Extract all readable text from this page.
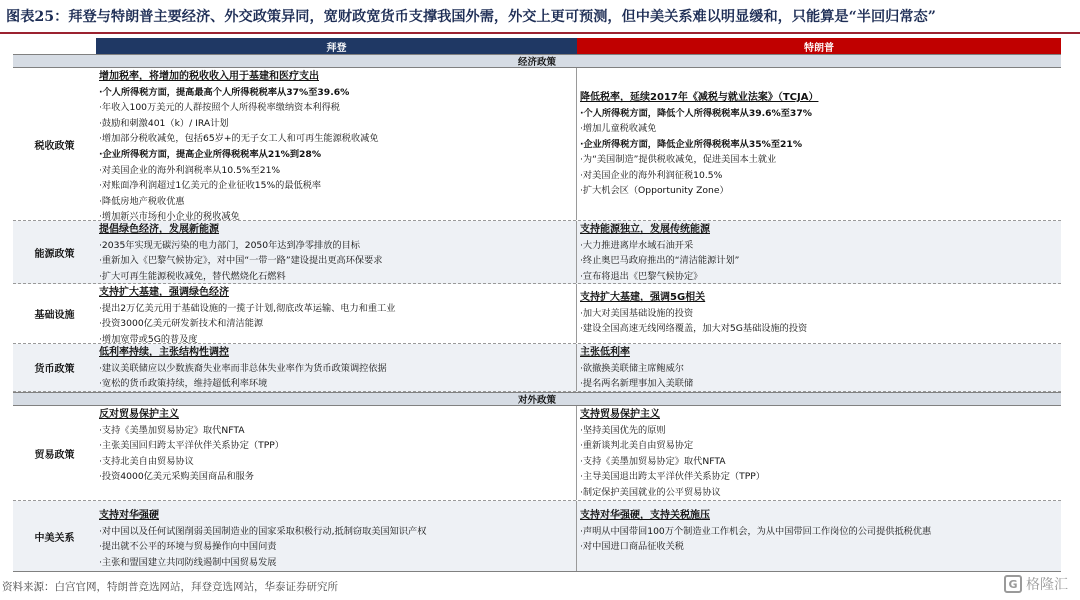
图表25：拜登与特朗普主要经济、外交政策异同，宽财政宽货币支撑我国外需，外交上更可预测，但中美关系难以明显缓和，只能算是“半回归常态”
拜登	特朗普
经济政策
税收政策
增加税率，将增加的税收收入用于基建和医疗支出
·个人所得税方面，提高最高个人所得税税率从37%至39.6%
·年收入100万美元的人群按照个人所得税率缴纳资本利得税
·鼓励和刺激401（k）/ IRA计划
·增加部分税收减免，包括65岁+的无子女工人和可再生能源税收减免
·企业所得税方面，提高企业所得税税率从21%到28%
·对美国企业的海外利润税率从10.5%至21%
·对账面净利润超过1亿美元的企业征收15%的最低税率
·降低房地产税收优惠
·增加新兴市场和小企业的税收减免
降低税率，延续2017年《减税与就业法案》（TCJA）
·个人所得税方面，降低个人所得税税率从39.6%至37%
·增加儿童税收减免
·企业所得税方面，降低企业所得税税率从35%至21%
·为“美国制造”提供税收减免，促进美国本土就业
·对美国企业的海外利润征税10.5%
·扩大机会区（Opportunity Zone）
能源政策
提倡绿色经济，发展新能源
·2035年实现无碳污染的电力部门，2050年达到净零排放的目标
·重新加入《巴黎气候协定》，对中国“一带一路”建设提出更高环保要求
·扩大可再生能源税收减免，替代燃烧化石燃料
支持能源独立，发展传统能源
·大力推进离岸水域石油开采
·终止奥巴马政府推出的“清洁能源计划”
·宣布将退出《巴黎气候协定》
基础设施
支持扩大基建，强调绿色经济
·提出2万亿美元用于基础设施的一揽子计划,彻底改革运输、电力和重工业
·投资3000亿美元研发新技术和清洁能源
·增加宽带或5G的普及度
支持扩大基建，强调5G相关
·加大对美国基础设施的投资
·建设全国高速无线网络覆盖，加大对5G基础设施的投资
货币政策
低利率持续，主张结构性调控
·建议美联储应以少数族裔失业率而非总体失业率作为货币政策调控依据
·宽松的货币政策持续，维持超低利率环境
主张低利率
·欲撤换美联储主席鲍威尔
·提名两名新理事加入美联储
对外政策
贸易政策
反对贸易保护主义
·支持《美墨加贸易协定》取代NFTA
·主张美国回归跨太平洋伙伴关系协定（TPP）
·支持北美自由贸易协议
·投资4000亿美元采购美国商品和服务
支持贸易保护主义
·坚持美国优先的原则
·重新谈判北美自由贸易协定
·支持《美墨加贸易协定》取代NFTA
·主导美国退出跨太平洋伙伴关系协定（TPP）
·制定保护美国就业的公平贸易协议
中美关系
支持对华强硬
·对中国以及任何试图削弱美国制造业的国家采取积极行动,抵制窃取美国知识产权
·提出就不公平的环境与贸易操作向中国问责
·主张和盟国建立共同防线遏制中国贸易发展
支持对华强硬，支持关税施压
·声明从中国带回100万个制造业工作机会，为从中国带回工作岗位的公司提供抵税优惠
·对中国进口商品征收关税
资料来源：白宫官网，特朗普竞选网站，拜登竞选网站，华泰证券研究所	G 格隆汇
